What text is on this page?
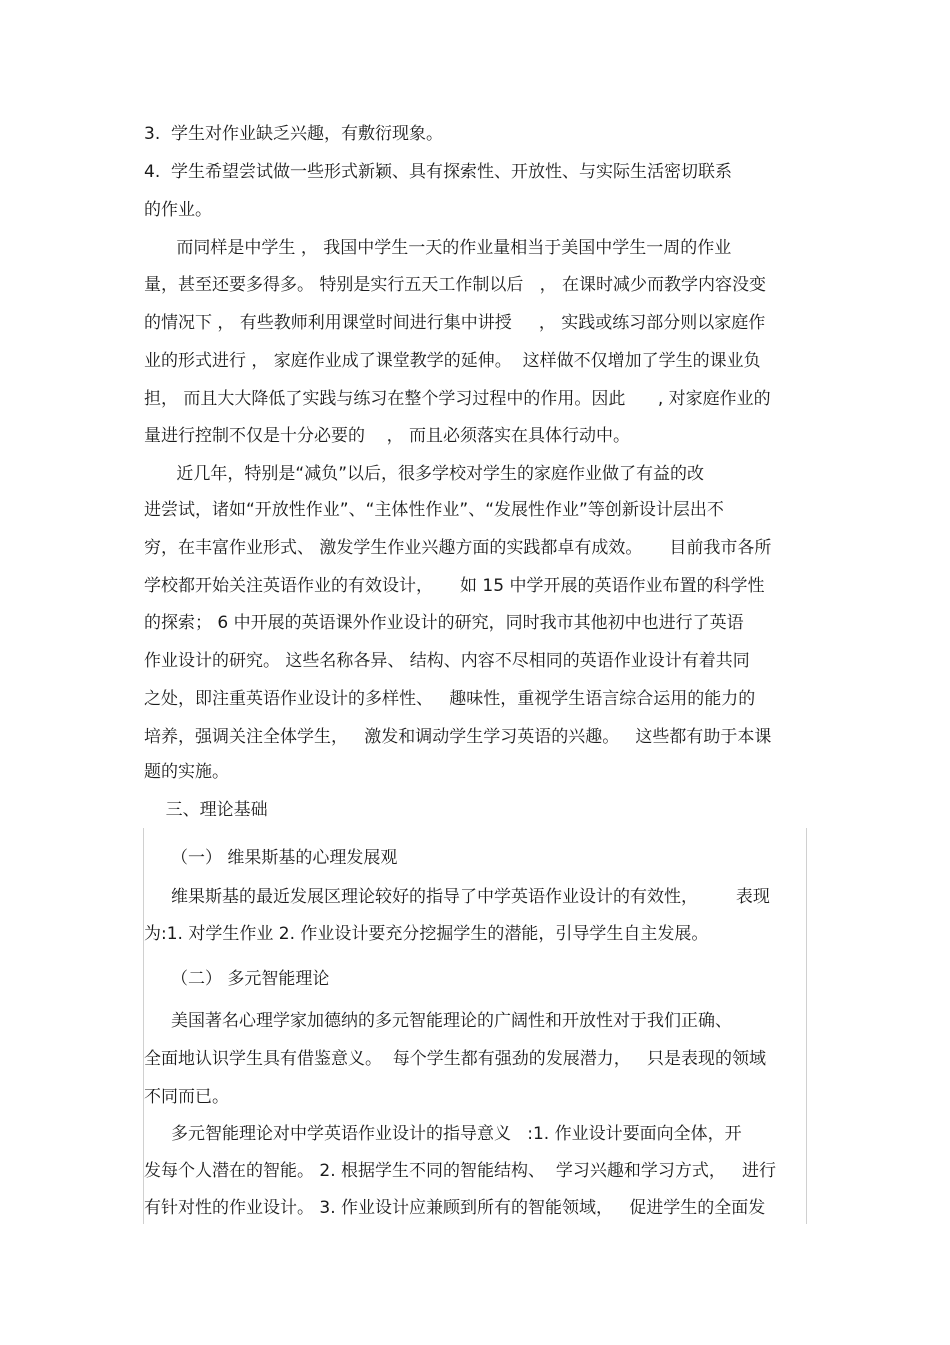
3.  学生对作业缺乏兴趣，有敷衍现象。

4.  学生希望尝试做一些形式新颖、具有探索性、开放性、与实际生活密切联系

的作业。

而同样是中学生 ， 我国中学生一天的作业量相当于美国中学生一周的作业

量，甚至还要多得多。 特别是实行五天工作制以后   ， 在课时减少而教学内容没变

的情况下 ， 有些教师利用课堂时间进行集中讲授     ， 实践或练习部分则以家庭作

业的形式进行 ， 家庭作业成了课堂教学的延伸。  这样做不仅增加了学生的课业负

担， 而且大大降低了实践与练习在整个学习过程中的作用。因此      , 对家庭作业的

量进行控制不仅是十分必要的    ， 而且必须落实在具体行动中。

近几年，特别是“减负”以后，很多学校对学生的家庭作业做了有益的改

进尝试，诸如“开放性作业”、“主体性作业”、“发展性作业”等创新设计层出不

穷，在丰富作业形式、 激发学生作业兴趣方面的实践都卓有成效。     目前我市各所

学校都开始关注英语作业的有效设计，     如 15 中学开展的英语作业布置的科学性

的探索； 6 中开展的英语课外作业设计的研究，同时我市其他初中也进行了英语

作业设计的研究。 这些名称各异、 结构、内容不尽相同的英语作业设计有着共同

之处，即注重英语作业设计的多样性、   趣味性，重视学生语言综合运用的能力的

培养，强调关注全体学生，   激发和调动学生学习英语的兴趣。   这些都有助于本课

题的实施。

三、理论基础

（一） 维果斯基的心理发展观

维果斯基的最近发展区理论较好的指导了中学英语作业设计的有效性，       表现

为:1. 对学生作业 2. 作业设计要充分挖掘学生的潜能，引导学生自主发展。

（二） 多元智能理论

美国著名心理学家加德纳的多元智能理论的广阔性和开放性对于我们正确、

全面地认识学生具有借鉴意义。  每个学生都有强劲的发展潜力，   只是表现的领域

不同而已。

多元智能理论对中学英语作业设计的指导意义   :1. 作业设计要面向全体，开

发每个人潜在的智能。 2. 根据学生不同的智能结构、  学习兴趣和学习方式，   进行

有针对性的作业设计。 3. 作业设计应兼顾到所有的智能领域，   促进学生的全面发
